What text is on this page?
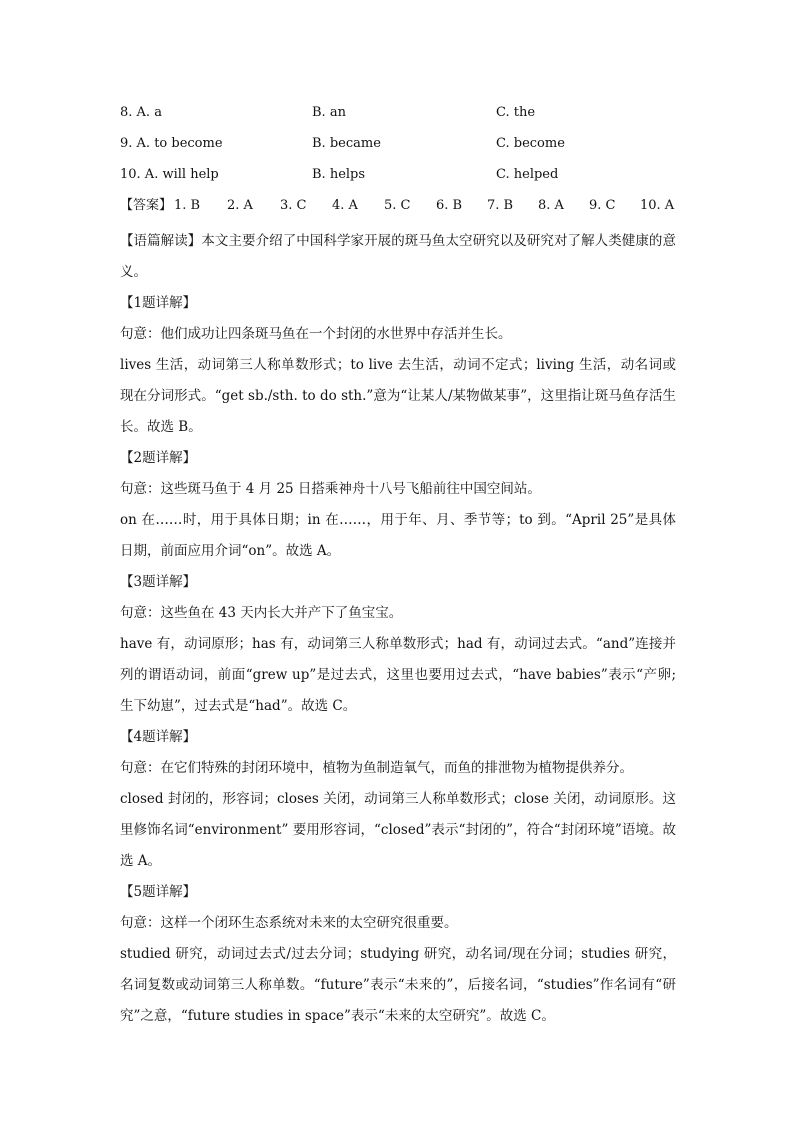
8. A. a	B. an	C. the
9. A. to become	B. became	C. become
10. A. will help	B. helps	C. helped
【答案】 1. B 2. A 3. C 4. A 5. C 6. B 7. B 8. A 9. C 10. A

【语篇解读】本文主要介绍了中国科学家开展的斑马鱼太空研究以及研究对了解人类健康的意义。

【1题详解】

句意：他们成功让四条斑马鱼在一个封闭的水世界中存活并生长。

lives 生活，动词第三人称单数形式；to live 去生活，动词不定式；living 生活，动名词或现在分词形式。“get sb./sth. to do sth.”意为“让某人/某物做某事”，这里指让斑马鱼存活生长。故选 B。

【2题详解】

句意：这些斑马鱼于 4 月 25 日搭乘神舟十八号飞船前往中国空间站。

on 在……时，用于具体日期；in 在……，用于年、月、季节等；to 到。“April 25”是具体日期，前面应用介词“on”。故选 A。

【3题详解】

句意：这些鱼在 43 天内长大并产下了鱼宝宝。

have 有，动词原形；has 有，动词第三人称单数形式；had 有，动词过去式。“and”连接并列的谓语动词，前面“grew up”是过去式，这里也要用过去式，“have babies”表示“产卵; 生下幼崽”，过去式是“had”。故选 C。

【4题详解】

句意：在它们特殊的封闭环境中，植物为鱼制造氧气，而鱼的排泄物为植物提供养分。

closed 封闭的，形容词；closes 关闭，动词第三人称单数形式；close 关闭，动词原形。这里修饰名词“environment” 要用形容词，“closed”表示“封闭的”，符合“封闭环境”语境。故选 A。

【5题详解】

句意：这样一个闭环生态系统对未来的太空研究很重要。

studied 研究，动词过去式/过去分词；studying 研究，动名词/现在分词；studies 研究，名词复数或动词第三人称单数。“future”表示“未来的”，后接名词，“studies”作名词有“研究”之意，“future studies in space”表示“未来的太空研究”。故选 C。
